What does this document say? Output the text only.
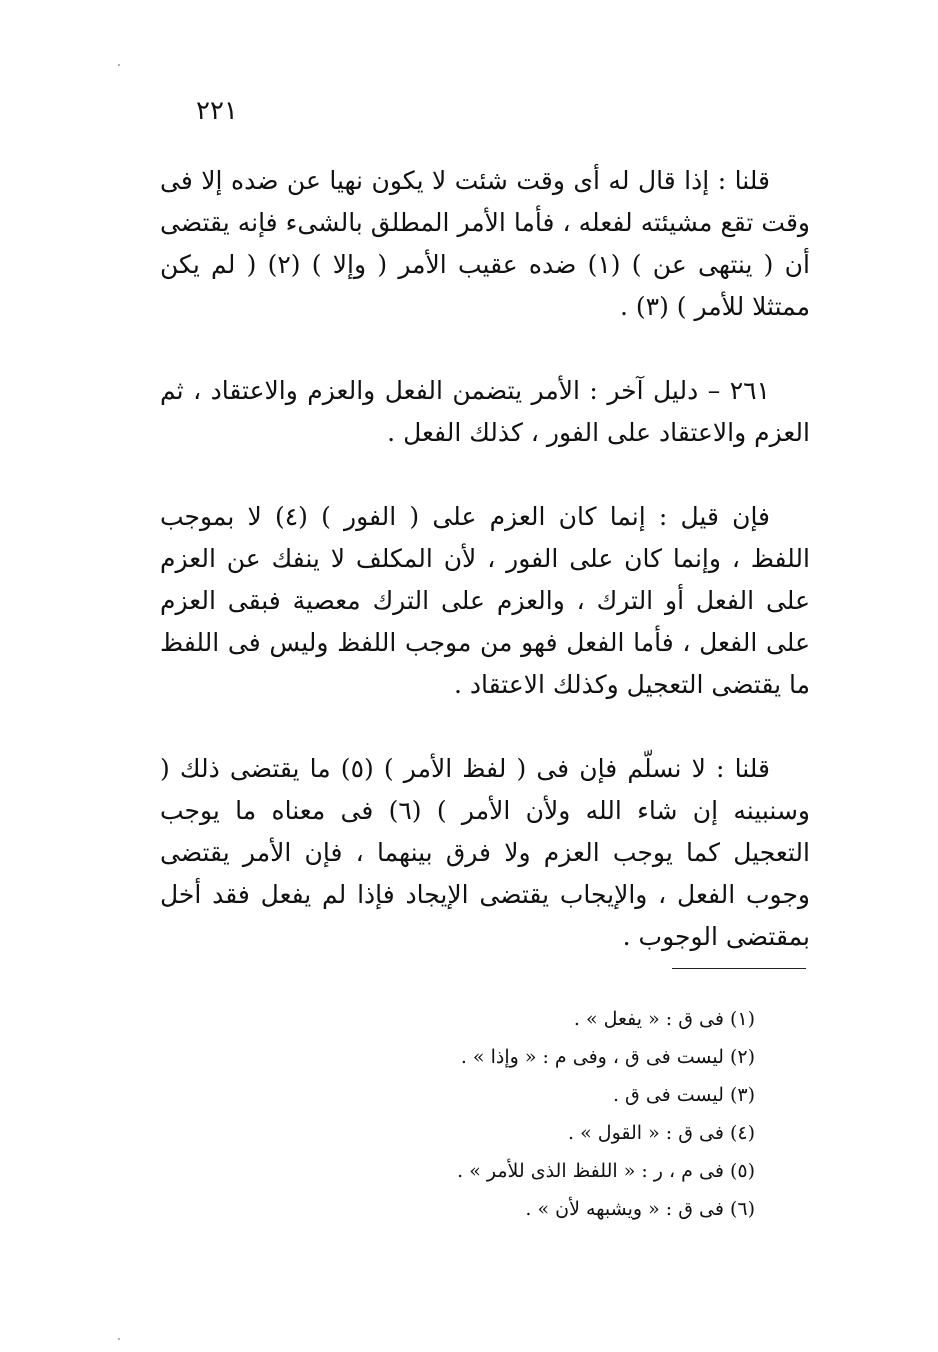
٢٢١

قلنا : إذا قال له أى وقت شئت لا يكون نهيا عن ضده إلا فى وقت تقع مشيئته لفعله ، فأما الأمر المطلق بالشىء فإنه يقتضى أن ( ينتهى عن ) (١) ضده عقيب الأمر ( وإلا ) (٢) ( لم يكن ممتثلا للأمر ) (٣) .

٢٦١ – دليل آخر : الأمر يتضمن الفعل والعزم والاعتقاد ، ثم العزم والاعتقاد على الفور ، كذلك الفعل .

فإن قيل : إنما كان العزم على ( الفور ) (٤) لا بموجب اللفظ ، وإنما كان على الفور ، لأن المكلف لا ينفك عن العزم على الفعل أو الترك ، والعزم على الترك معصية فبقى العزم على الفعل ، فأما الفعل فهو من موجب اللفظ وليس فى اللفظ ما يقتضى التعجيل وكذلك الاعتقاد .

قلنا : لا نسلّم فإن فى ( لفظ الأمر ) (٥) ما يقتضى ذلك ( وسنبينه إن شاء الله ولأن الأمر ) (٦) فى معناه ما يوجب التعجيل كما يوجب العزم ولا فرق بينهما ، فإن الأمر يقتضى وجوب الفعل ، والإيجاب يقتضى الإيجاد فإذا لم يفعل فقد أخل بمقتضى الوجوب .

(١) فى ق : « يفعل » .
(٢) ليست فى ق ، وفى م : « وإذا » .
(٣) ليست فى ق .
(٤) فى ق : « القول » .
(٥) فى م ، ر : « اللفظ الذى للأمر » .
(٦) فى ق : « ويشبهه لأن » .
